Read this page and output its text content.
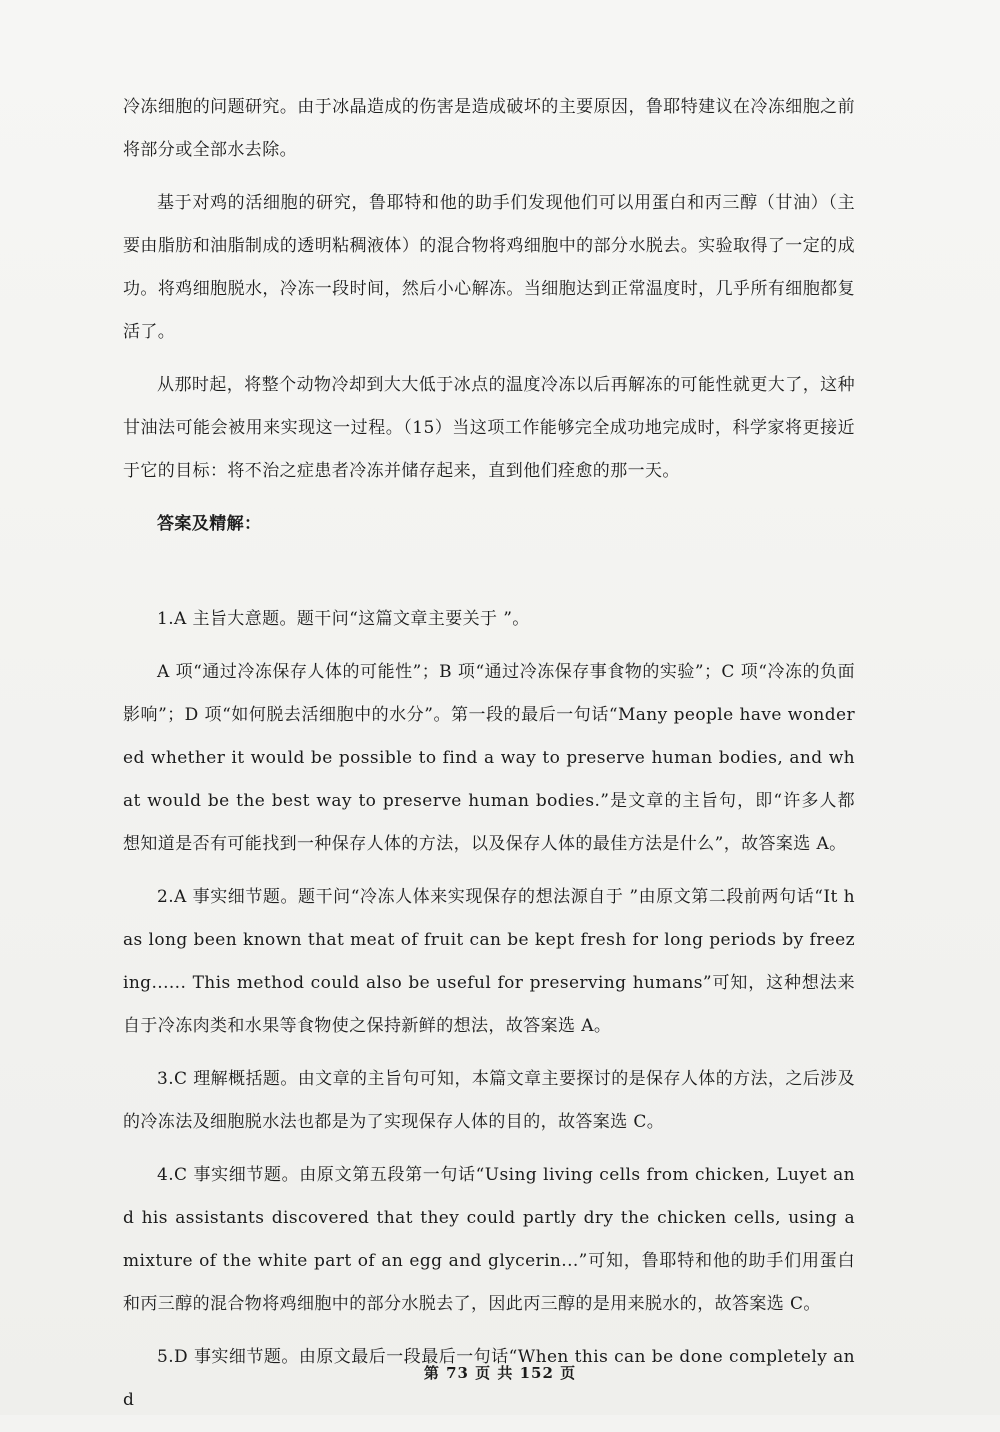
冷冻细胞的问题研究。由于冰晶造成的伤害是造成破坏的主要原因，鲁耶特建议在冷冻细胞之前将部分或全部水去除。

基于对鸡的活细胞的研究，鲁耶特和他的助手们发现他们可以用蛋白和丙三醇（甘油）（主要由脂肪和油脂制成的透明粘稠液体）的混合物将鸡细胞中的部分水脱去。实验取得了一定的成功。将鸡细胞脱水，冷冻一段时间，然后小心解冻。当细胞达到正常温度时，几乎所有细胞都复活了。

从那时起，将整个动物冷却到大大低于冰点的温度冷冻以后再解冻的可能性就更大了，这种甘油法可能会被用来实现这一过程。（15）当这项工作能够完全成功地完成时，科学家将更接近于它的目标：将不治之症患者冷冻并储存起来，直到他们痊愈的那一天。

答案及精解：

1.A 主旨大意题。题干问“这篇文章主要关于 ”。

A 项“通过冷冻保存人体的可能性”；B 项“通过冷冻保存事食物的实验”；C 项“冷冻的负面影响”；D 项“如何脱去活细胞中的水分”。第一段的最后一句话“Many people have wondered whether it would be possible to find a way to preserve human bodies, and what would be the best way to preserve human bodies.”是文章的主旨句，即“许多人都想知道是否有可能找到一种保存人体的方法，以及保存人体的最佳方法是什么”，故答案选 A。

2.A 事实细节题。题干问“冷冻人体来实现保存的想法源自于 ”由原文第二段前两句话“It has long been known that meat of fruit can be kept fresh for long periods by freezing...... This method could also be useful for preserving humans”可知，这种想法来自于冷冻肉类和水果等食物使之保持新鲜的想法，故答案选 A。

3.C 理解概括题。由文章的主旨句可知，本篇文章主要探讨的是保存人体的方法，之后涉及的冷冻法及细胞脱水法也都是为了实现保存人体的目的，故答案选 C。

4.C 事实细节题。由原文第五段第一句话“Using living cells from chicken, Luyet and his assistants discovered that they could partly dry the chicken cells, using a mixture of the white part of an egg and glycerin...”可知，鲁耶特和他的助手们用蛋白和丙三醇的混合物将鸡细胞中的部分水脱去了，因此丙三醇的是用来脱水的，故答案选 C。

5.D 事实细节题。由原文最后一段最后一句话“When this can be done completely and

第 73 页 共 152 页
